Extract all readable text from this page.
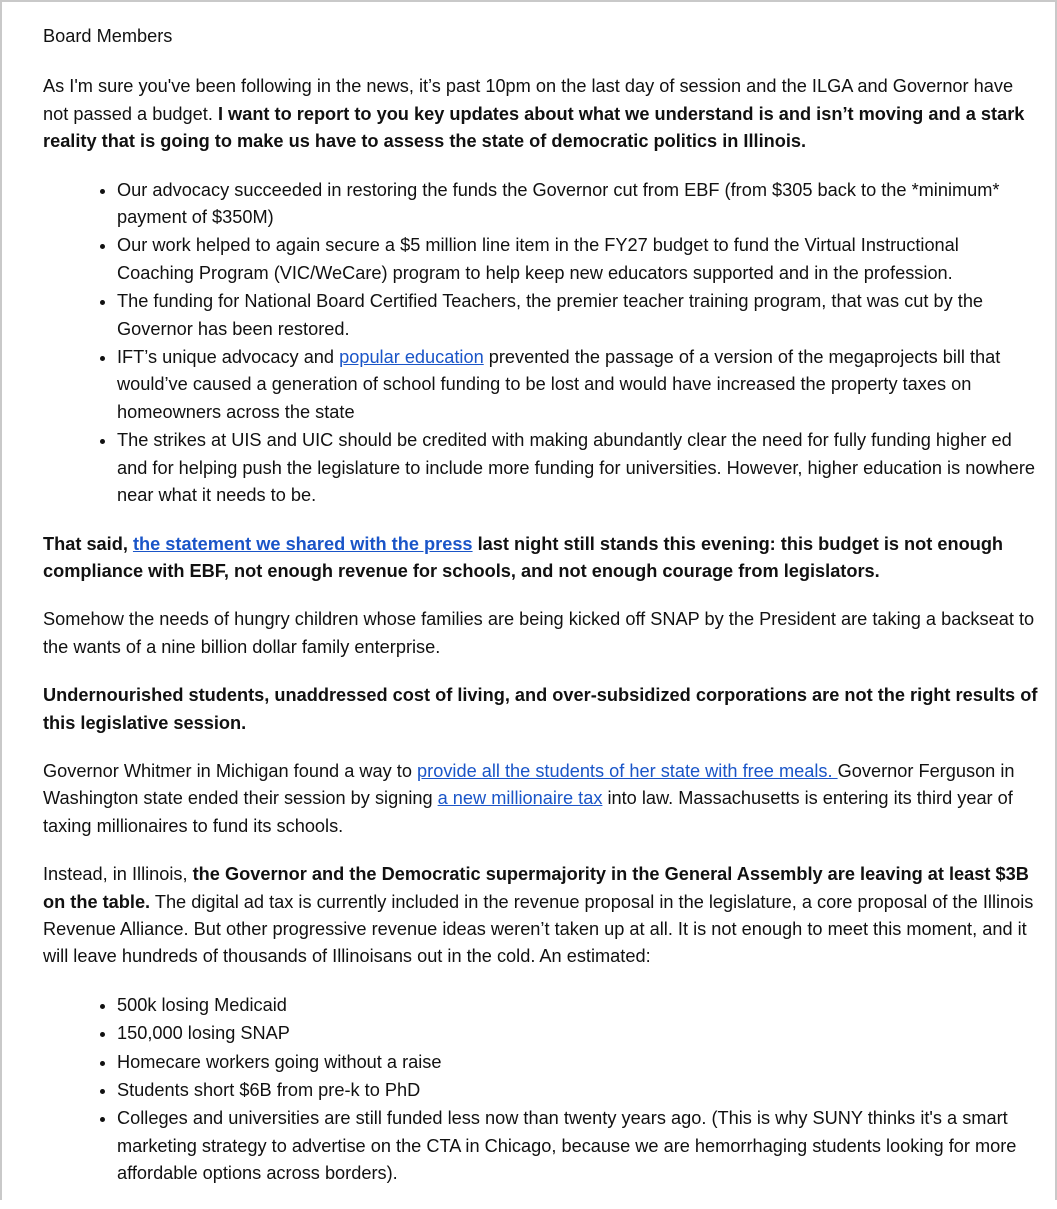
Board Members

As I'm sure you've been following in the news, it’s past 10pm on the last day of session and the ILGA and Governor have not passed a budget. I want to report to you key updates about what we understand is and isn’t moving and a stark reality that is going to make us have to assess the state of democratic politics in Illinois.

• Our advocacy succeeded in restoring the funds the Governor cut from EBF (from $305 back to the *minimum* payment of $350M)
• Our work helped to again secure a $5 million line item in the FY27 budget to fund the Virtual Instructional Coaching Program (VIC/WeCare) program to help keep new educators supported and in the profession.
• The funding for National Board Certified Teachers, the premier teacher training program, that was cut by the Governor has been restored.
• IFT’s unique advocacy and popular education prevented the passage of a version of the megaprojects bill that would’ve caused a generation of school funding to be lost and would have increased the property taxes on homeowners across the state
• The strikes at UIS and UIC should be credited with making abundantly clear the need for fully funding higher ed and for helping push the legislature to include more funding for universities. However, higher education is nowhere near what it needs to be.

That said, the statement we shared with the press last night still stands this evening: this budget is not enough compliance with EBF, not enough revenue for schools, and not enough courage from legislators.

Somehow the needs of hungry children whose families are being kicked off SNAP by the President are taking a backseat to the wants of a nine billion dollar family enterprise.

Undernourished students, unaddressed cost of living, and over-subsidized corporations are not the right results of this legislative session.

Governor Whitmer in Michigan found a way to provide all the students of her state with free meals. Governor Ferguson in Washington state ended their session by signing a new millionaire tax into law. Massachusetts is entering its third year of taxing millionaires to fund its schools.

Instead, in Illinois, the Governor and the Democratic supermajority in the General Assembly are leaving at least $3B on the table. The digital ad tax is currently included in the revenue proposal in the legislature, a core proposal of the Illinois Revenue Alliance. But other progressive revenue ideas weren’t taken up at all. It is not enough to meet this moment, and it will leave hundreds of thousands of Illinoisans out in the cold. An estimated:

• 500k losing Medicaid
• 150,000 losing SNAP
• Homecare workers going without a raise
• Students short $6B from pre-k to PhD
• Colleges and universities are still funded less now than twenty years ago. (This is why SUNY thinks it's a smart marketing strategy to advertise on the CTA in Chicago, because we are hemorrhaging students looking for more affordable options across borders).
